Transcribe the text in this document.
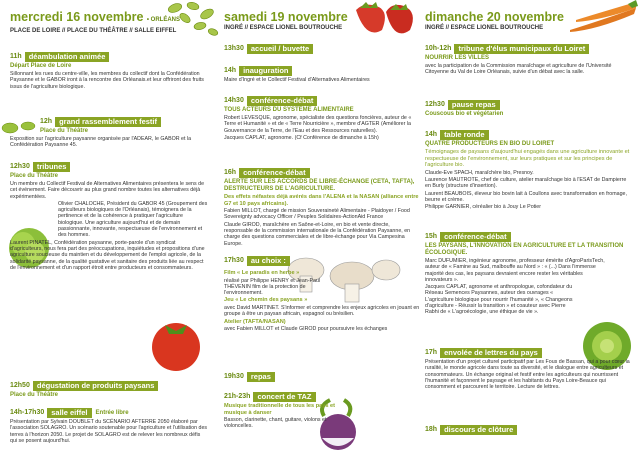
mercredi 16 novembre • ORLÉANS
PLACE DE LOIRE // PLACE DU THÉÂTRE // SALLE EIFFEL
11h déambulation animée
Départ Place de Loire
Sillonnant les rues du centre-ville, les membres du collectif dont la Confédération Paysanne et le GABOR iront à la rencontre des Orléanais.et leur offriront des fruits issus de l'agriculture biologique.
12h grand rassemblement festif
Place du Théâtre
Exposition sur l'agriculture paysanne organisée par l'ADEAR, le GABOR et la Confédération Paysanne 45.
12h30 tribunes
Place du Théâtre
Un membre du Collectif Festival de Alternatives Alimentaires présentera le sens de cet événement. Faire découvrir au plus grand nombre toutes les alternatives déjà expérimentées.
Olivier CHALOCHE, Président du GABOR 45 (Groupement des agriculteurs biologiques de l'Orléanais), témoignera de la pertinence et de la cohérence à pratiquer l'agriculture biologique. Une agriculture aujourd'hui et de demain passionnante, innovante, respectueuse de l'environnement et des hommes.
Laurent PINATEL, Confédération paysanne, porte-parole d'un syndicat d'agriculteurs, nous fera part des préoccupations, inquiétudes et propositions d'une agriculture soucieuse du maintien et du développement de l'emploi agricole, de la solidarité paysanne, de la qualité gustative et sanitaire des produits liée au respect de l'environnement et d'un rapport étroit entre producteurs et consommateurs.
12h50 dégustation de produits paysans
Place du Théâtre
14h-17h30 salle eiffel	Entrée libre
Présentation par Sylvain DOUBLET du SCÉNARIO AFTERRE 2050 élaboré par l'association SOLAGRO. Un scénario soutenable pour l'agriculture et l'utilisation des terres à l'horizon 2050. Le projet de SOLAGRO est de relever les nombreux défis qui se posent aujourd'hui.
samedi 19 novembre
INGRÉ // ESPACE LIONEL BOUTROUCHE
13h30 accueil / buvette
14h inauguration
Maire d'Ingré et le Collectif Festival d'Alternatives Alimentaires
14h30 conférence-débat
TOUS ACTEURS DU SYSTÈME ALIMENTAIRE
Robert LEVESQUE, agronome, spécialiste des questions foncières, auteur de « Terre et Humanité » et de « Terre Nourricière », membre d'AGTER (Améliorer la Gouvernance de la Terre, de l'Eau et des Ressources naturelles).
Jacques CAPLAT, agronome. (Cf Conférence de dimanche à 15h)
16h conférence-débat
ALERTE SUR LES ACCORDS DE LIBRE-ÉCHANGE (CETA, TAFTA), DESTRUCTEURS DE L'AGRICULTURE.
Des effets néfastes déjà avérés dans l'ALENA et la NASAN (alliance entre G7 et 10 pays africains).
Fabien MILLOT, chargé de mission Souveraineté Alimentaire - Plaidoyer / Food Sovereignty advocacy Officer / Peuples Solidaires-ActionAid France
Claude GIROD, maraîchère en Saône-et-Loire, en bio et vente directe, responsable de la commission internationale de la Confédération Paysanne, en charge des questions commerciales et de libre-échange pour Via Campesina Europe.
17h30 au choix :
Film « Le paradis en herbe »
réalisé par Philippe HENRY et Jean-Paul THÉVENIN film de la protection de l'environnement.
Jeu « Le chemin des paysans »
avec David MARTINET. S'informer et comprendre les enjeux agricoles en jouant en groupe à être un paysan africain, espagnol ou brésilien.
Atelier (TAFTA/NASAN)
avec Fabien MILLOT et Claude GIROD pour poursuivre les échanges
19h30 repas
21h-23h concert de TAZ
Musique traditionnelle de tous les pays et musique à danser
Basson, clarinette, chant, guitare, violons et violoncelles.
dimanche 20 novembre
INGRÉ // ESPACE LIONEL BOUTROUCHE
10h-12h tribune d'élus municipaux du Loiret
NOURRIR LES VILLES
avec la participation de la Commission maraîchage et agriculture de l'Université Citoyenne du Val de Loire Orléanais, suivie d'un débat avec la salle.
12h30 pause repas
Couscous bio et végétarien
14h table ronde
QUATRE PRODUCTEURS EN BIO DU LOIRET
Témoignages de paysans d'aujourd'hui engagés dans une agriculture innovante et respectueuse de l'environnement, sur leurs pratiques et sur les principes de l'agriculture bio.
Claude-Eve SPACH, maraîchère bio, Presnoy.
Laurence MAUTROTE, chef de culture, atelier maraîchage bio à l'ESAT de Dampierre en Burly (structure d'insertion).
Laurent BEAUBOIS, éleveur bio bovin lait à Coullons avec transformation en fromage, beurre et crème.
Philippe GARNIER, céréalier bio à Jouy Le Potier
15h conférence-débat
LES PAYSANS, L'INNOVATION EN AGRICULTURE ET LA TRANSITION ÉCOLOGIQUE.
Marc DUFUMIER, ingénieur agronome, professeur émérite d'AgroParisTech, auteur de « Famine au Sud, malbouffe au Nord » : « (...) Dans l'immense majorité des cas, les paysans devraient encore rester les véritables innovateurs ».
Jacques CAPLAT, agronome et anthropologue, cofondateur du Réseau Semences Paysannes, auteur des ouvrages « L'agriculture biologique pour nourrir l'humanité », « Changeons d'agriculture - Réussir la transition » et coauteur avec Pierre Rabhi de « L'agroécologie, une éthique de vie ».
17h envolée de lettres du pays
Présentation d'un projet culturel participatif par Les Fous de Bassan, qui a pour cœur la ruralité, le monde agricole dans toute sa diversité, et le dialogue entre agriculteurs et consommateurs. Un échange original et festif entre les agriculteurs qui nourrissent l'humanité et façonnent le paysage et les habitants du Pays Loire-Beauce qui consomment et parcourent le territoire. Lecture de lettres.
18h discours de clôture
